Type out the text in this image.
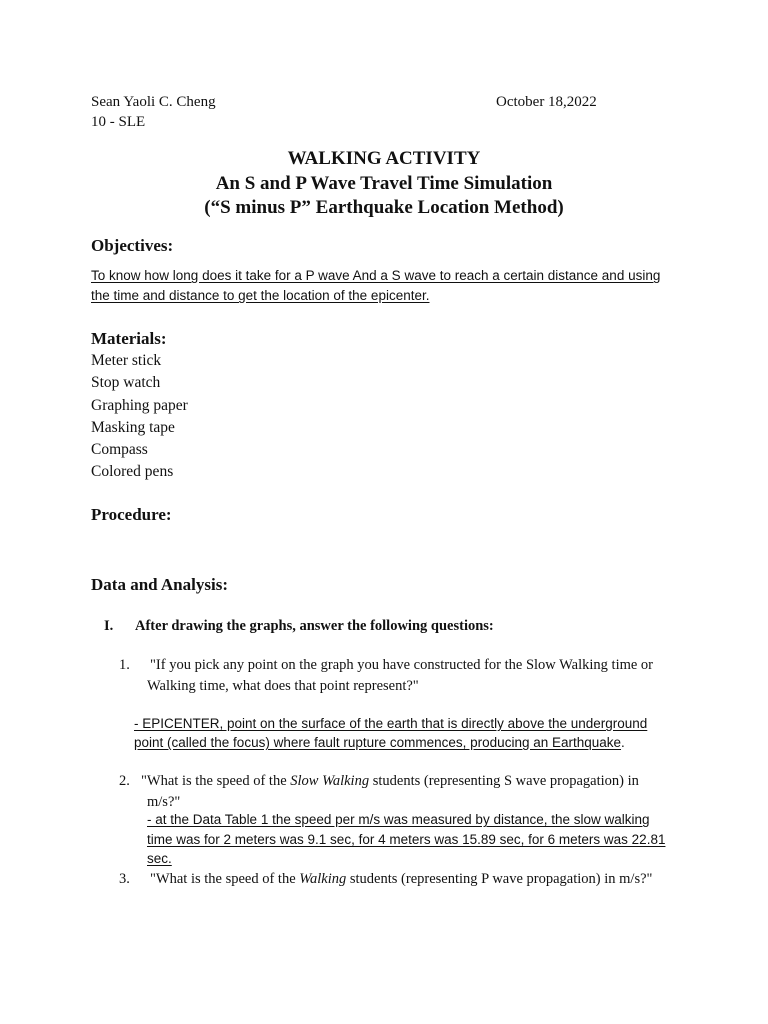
Sean Yaoli C. Cheng	October 18,2022
10 - SLE
WALKING ACTIVITY
An S and P Wave Travel Time Simulation
(“S minus P” Earthquake Location Method)
Objectives:
To know how long does it take for a P wave And a S wave to reach a certain distance and using
the time and distance to get the location of the epicenter.
Materials:
Meter stick
Stop watch
Graphing paper
Masking tape
Compass
Colored pens
Procedure:
Data and Analysis:
I. After drawing the graphs, answer the following questions:
1. "If you pick any point on the graph you have constructed for the Slow Walking time or
Walking time, what does that point represent?"
- EPICENTER, point on the surface of the earth that is directly above the underground
point (called the focus) where fault rupture commences, producing an Earthquake.
2. "What is the speed of the Slow Walking students (representing S wave propagation) in
m/s?"
- at the Data Table 1 the speed per m/s was measured by distance, the slow walking
time was for 2 meters was 9.1 sec, for 4 meters was 15.89 sec, for 6 meters was 22.81
sec.
3. "What is the speed of the Walking students (representing P wave propagation) in m/s?"
